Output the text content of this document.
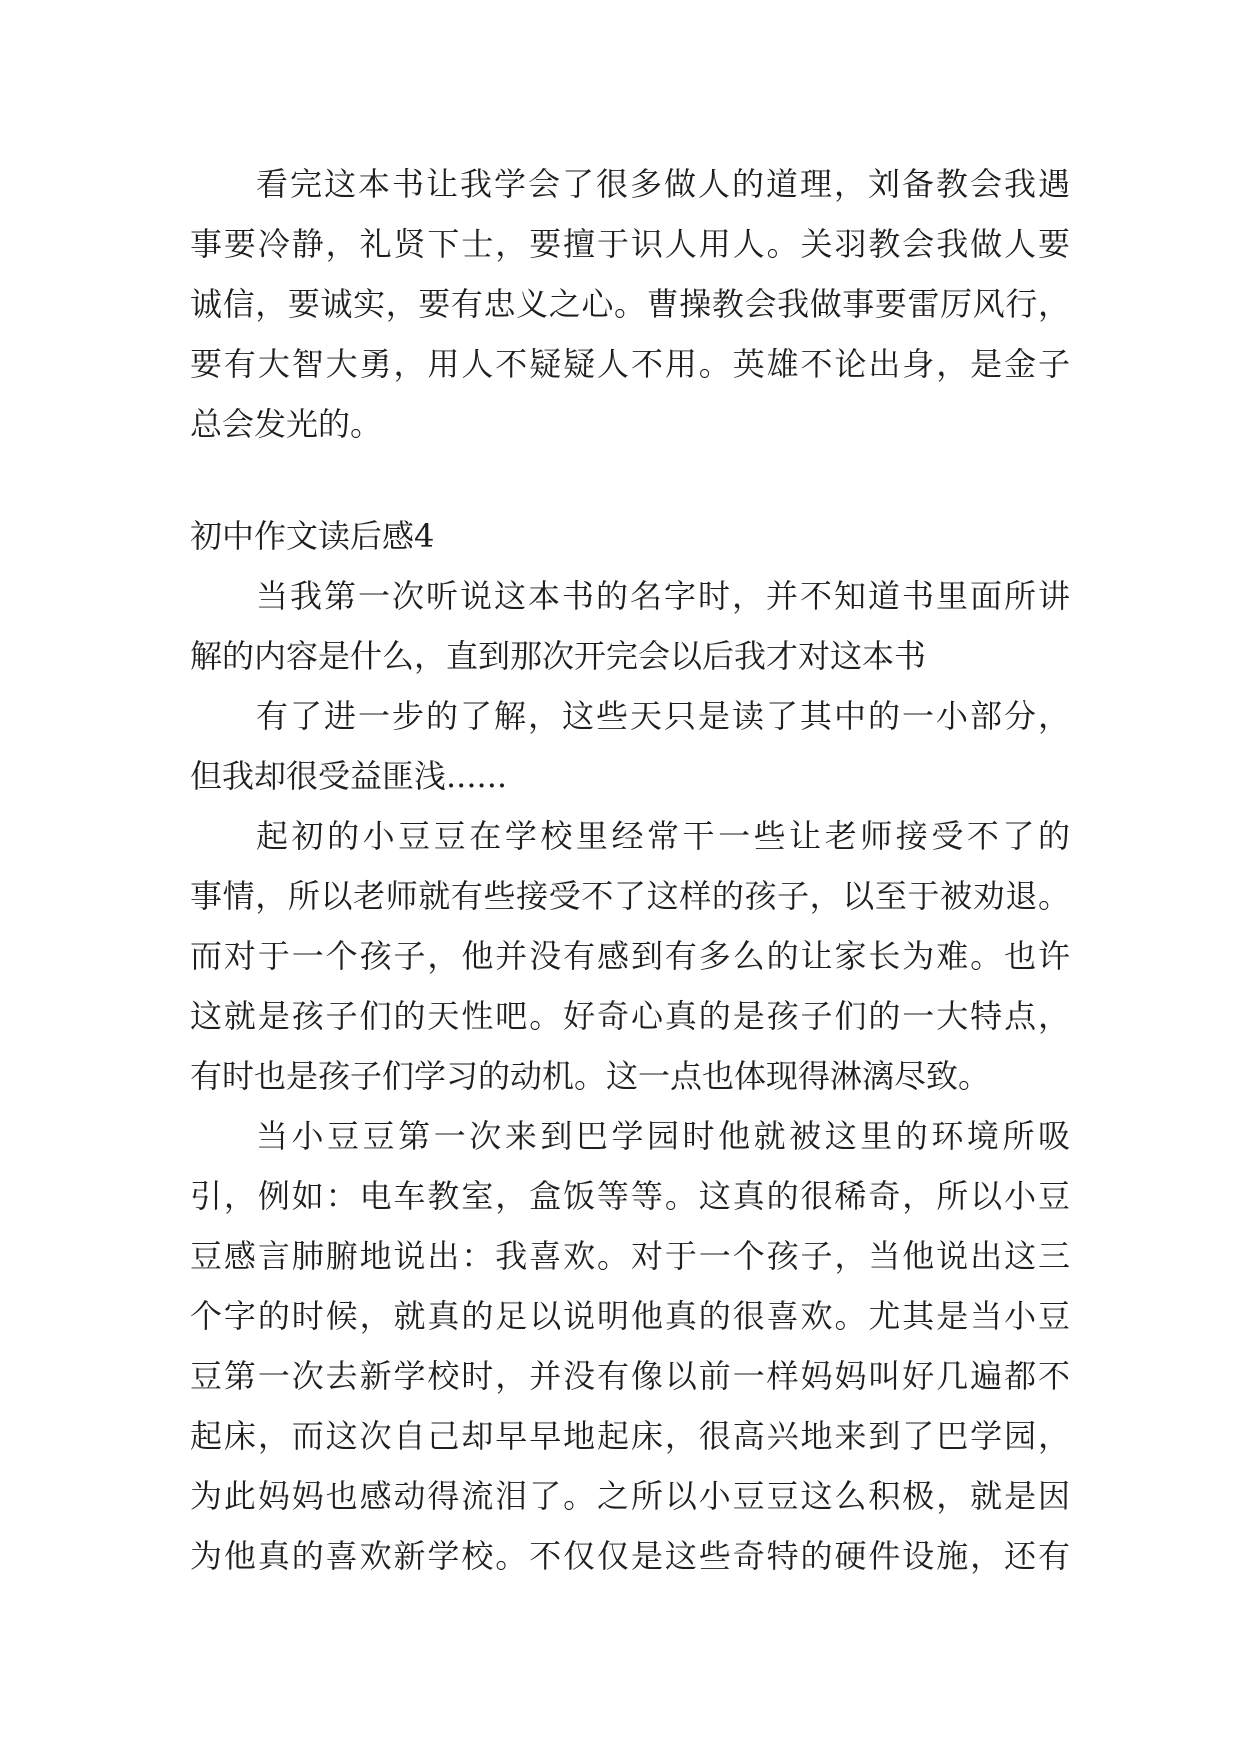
看完这本书让我学会了很多做人的道理，刘备教会我遇

事要冷静，礼贤下士，要擅于识人用人。关羽教会我做人要

诚信，要诚实，要有忠义之心。曹操教会我做事要雷厉风行，

要有大智大勇，用人不疑疑人不用。英雄不论出身，是金子

总会发光的。

初中作文读后感4

当我第一次听说这本书的名字时，并不知道书里面所讲

解的内容是什么，直到那次开完会以后我才对这本书

有了进一步的了解，这些天只是读了其中的一小部分，

但我却很受益匪浅......

起初的小豆豆在学校里经常干一些让老师接受不了的

事情，所以老师就有些接受不了这样的孩子，以至于被劝退。

而对于一个孩子，他并没有感到有多么的让家长为难。也许

这就是孩子们的天性吧。好奇心真的是孩子们的一大特点，

有时也是孩子们学习的动机。这一点也体现得淋漓尽致。

当小豆豆第一次来到巴学园时他就被这里的环境所吸

引，例如：电车教室，盒饭等等。这真的很稀奇，所以小豆

豆感言肺腑地说出：我喜欢。对于一个孩子，当他说出这三

个字的时候，就真的足以说明他真的很喜欢。尤其是当小豆

豆第一次去新学校时，并没有像以前一样妈妈叫好几遍都不

起床，而这次自己却早早地起床，很高兴地来到了巴学园，

为此妈妈也感动得流泪了。之所以小豆豆这么积极，就是因

为他真的喜欢新学校。不仅仅是这些奇特的硬件设施，还有
